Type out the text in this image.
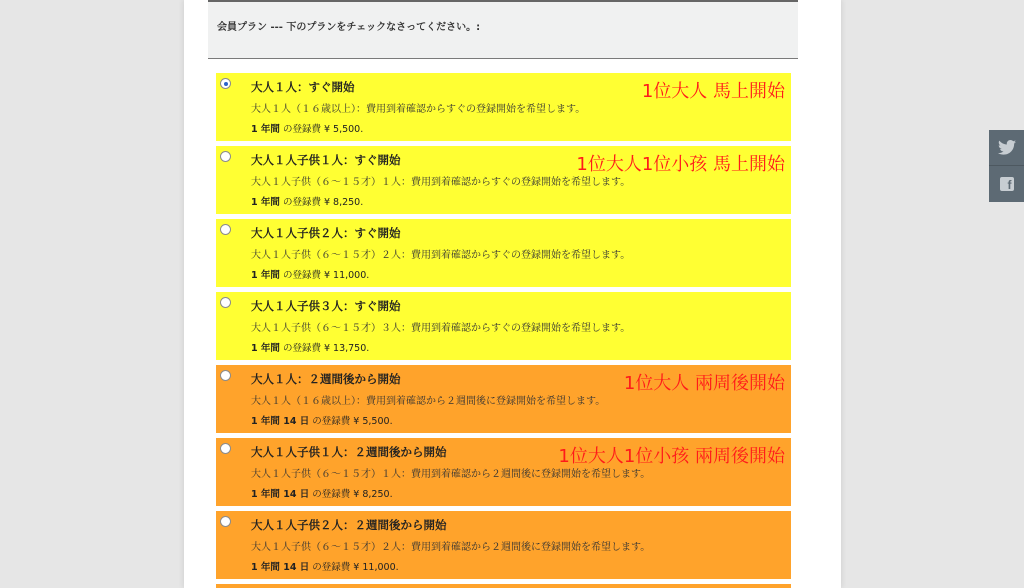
会員プラン --- 下のプランをチェックなさってください。:
大人１人：すぐ開始
大人１人（１６歳以上）：費用到着確認からすぐの登録開始を希望します。
1 年間 の登録費 ¥ 5,500.
1位大人 馬上開始
大人１人子供１人：すぐ開始
大人１人子供（６〜１５才）１人：費用到着確認からすぐの登録開始を希望します。
1 年間 の登録費 ¥ 8,250.
1位大人1位小孩 馬上開始
大人１人子供２人：すぐ開始
大人１人子供（６〜１５才）２人：費用到着確認からすぐの登録開始を希望します。
1 年間 の登録費 ¥ 11,000.
大人１人子供３人：すぐ開始
大人１人子供（６〜１５才）３人：費用到着確認からすぐの登録開始を希望します。
1 年間 の登録費 ¥ 13,750.
大人１人：２週間後から開始
大人１人（１６歳以上）：費用到着確認から２週間後に登録開始を希望します。
1 年間 14 日 の登録費 ¥ 5,500.
1位大人 兩周後開始
大人１人子供１人：２週間後から開始
大人１人子供（６〜１５才）１人：費用到着確認から２週間後に登録開始を希望します。
1 年間 14 日 の登録費 ¥ 8,250.
1位大人1位小孩 兩周後開始
大人１人子供２人：２週間後から開始
大人１人子供（６〜１５才）２人：費用到着確認から２週間後に登録開始を希望します。
1 年間 14 日 の登録費 ¥ 11,000.
f
